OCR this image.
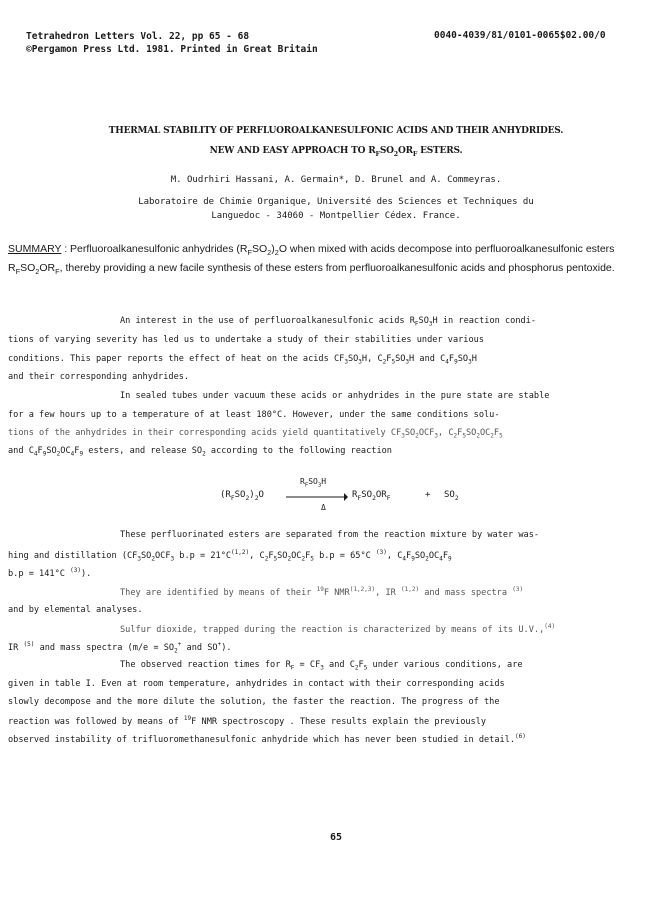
Tetrahedron Letters Vol. 22, pp 65 - 68
©Pergamon Press Ltd. 1981. Printed in Great Britain
0040-4039/81/0101-0065$02.00/0
THERMAL STABILITY OF PERFLUOROALKANESULFONIC ACIDS AND THEIR ANHYDRIDES.
NEW AND EASY APPROACH TO $R_FSO_2OR_F$ ESTERS.
M. Oudrhiri Hassani, A. Germain*, D. Brunel and A. Commeyras.
Laboratoire de Chimie Organique, Université des Sciences et Techniques du
Languedoc - 34060 - Montpellier Cédex. France.
SUMMARY : Perfluoroalkanesulfonic anhydrides $(R_FSO_2)_2O$ when mixed with acids decompose into perfluoroalkanesulfonic esters $R_FSO_2OR_F$, thereby providing a new facile synthesis of these esters from perfluoroalkanesulfonic acids and phosphorus pentoxide.
An interest in the use of perfluoroalkanesulfonic acids $R_FSO_3H$ in reaction condi-
tions of varying severity has led us to undertake a study of their stabilities under various
conditions. This paper reports the effect of heat on the acids $CF_3SO_3H$, $C_2F_5SO_3H$ and $C_4F_9SO_3H$
and their corresponding anhydrides.
In sealed tubes under vacuum these acids or anhydrides in the pure state are stable
for a few hours up to a temperature of at least 180°C. However, under the same conditions solu-
tions of the anhydrides in their corresponding acids yield quantitatively $CF_3SO_2OCF_3$, $C_2F_5SO_2OC_2F_5$
and $C_4F_9SO_2OC_4F_9$ esters, and release $SO_2$ according to the following reaction
$R_FSO_3H$
$(R_FSO_2)_2O$
Δ
$R_FSO_2OR_F$	+ $SO_2$
These perfluorinated esters are separated from the reaction mixture by water was-
hing and distillation ($CF_3SO_2OCF_3$ $b.p = 21^\circ C^{(1,2)}$, $C_2F_5SO_2OC_2F_5$ b.p = 65°C $^{(3)}$, $C_4F_9SO_2OC_4F_9$
b.p = 141°C $^{(3)}$).
They are identified by means of their $^{19}$F NMR$^{(1,2,3)}$, IR $^{(1,2)}$ and mass spectra $^{(3)}$
and by elemental analyses.
Sulfur dioxide, trapped during the reaction is characterized by means of its U.V.,$^{(4)}$
IR $^{(5)}$ and mass spectra ($m/e = SO_2^+$ and SO+).
The observed reaction times for $R_F = CF_3$ and $C_2F_5$ under various conditions, are
given in table I. Even at room temperature, anhydrides in contact with their corresponding acids
slowly decompose and the more dilute the solution, the faster the reaction. The progress of the
reaction was followed by means of $^{19}$F NMR spectroscopy . These results explain the previously
observed instability of trifluoromethanesulfonic anhydride which has never been studied in detail.$^{(6)}$
65
